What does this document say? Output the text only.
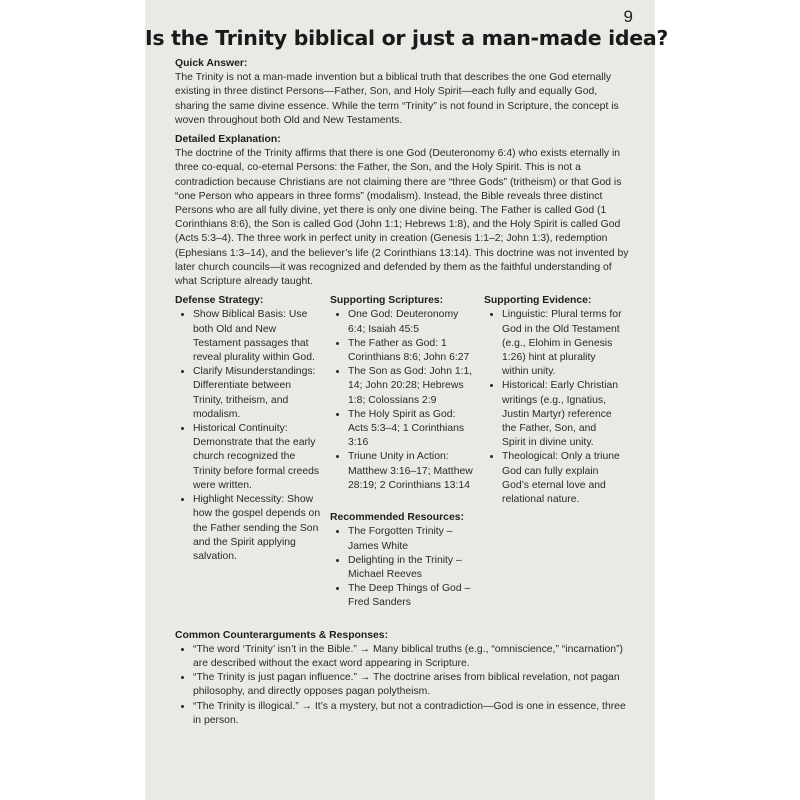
9
Is the Trinity biblical or just a man-made idea?

Quick Answer:

The Trinity is not a man-made invention but a biblical truth that describes the one God eternally existing in three distinct Persons—Father, Son, and Holy Spirit—each fully and equally God, sharing the same divine essence. While the term “Trinity” is not found in Scripture, the concept is woven throughout both Old and New Testaments.

Detailed Explanation:

The doctrine of the Trinity affirms that there is one God (Deuteronomy 6:4) who exists eternally in three co-equal, co-eternal Persons: the Father, the Son, and the Holy Spirit. This is not a contradiction because Christians are not claiming there are “three Gods” (tritheism) or that God is “one Person who appears in three forms” (modalism). Instead, the Bible reveals three distinct Persons who are all fully divine, yet there is only one divine being. The Father is called God (1 Corinthians 8:6), the Son is called God (John 1:1; Hebrews 1:8), and the Holy Spirit is called God (Acts 5:3–4). The three work in perfect unity in creation (Genesis 1:1–2; John 1:3), redemption (Ephesians 1:3–14), and the believer’s life (2 Corinthians 13:14). This doctrine was not invented by later church councils—it was recognized and defended by them as the faithful understanding of what Scripture already taught.

Defense Strategy:

• Show Biblical Basis: Use both Old and New Testament passages that reveal plurality within God.
• Clarify Misunderstandings: Differentiate between Trinity, tritheism, and modalism.
• Historical Continuity: Demonstrate that the early church recognized the Trinity before formal creeds were written.
• Highlight Necessity: Show how the gospel depends on the Father sending the Son and the Spirit applying salvation.

Supporting Scriptures:

• One God: Deuteronomy 6:4; Isaiah 45:5
• The Father as God: 1 Corinthians 8:6; John 6:27
• The Son as God: John 1:1, 14; John 20:28; Hebrews 1:8; Colossians 2:9
• The Holy Spirit as God: Acts 5:3–4; 1 Corinthians 3:16
• Triune Unity in Action: Matthew 3:16–17; Matthew 28:19; 2 Corinthians 13:14

Recommended Resources:

• The Forgotten Trinity – James White
• Delighting in the Trinity – Michael Reeves
• The Deep Things of God – Fred Sanders

Supporting Evidence:

• Linguistic: Plural terms for God in the Old Testament (e.g., Elohim in Genesis 1:26) hint at plurality within unity.
• Historical: Early Christian writings (e.g., Ignatius, Justin Martyr) reference the Father, Son, and Spirit in divine unity.
• Theological: Only a triune God can fully explain God’s eternal love and relational nature.

Common Counterarguments & Responses:

• “The word ‘Trinity’ isn’t in the Bible.” → Many biblical truths (e.g., “omniscience,” “incarnation”) are described without the exact word appearing in Scripture.
• “The Trinity is just pagan influence.” → The doctrine arises from biblical revelation, not pagan philosophy, and directly opposes pagan polytheism.
• “The Trinity is illogical.” → It’s a mystery, but not a contradiction—God is one in essence, three in person.
